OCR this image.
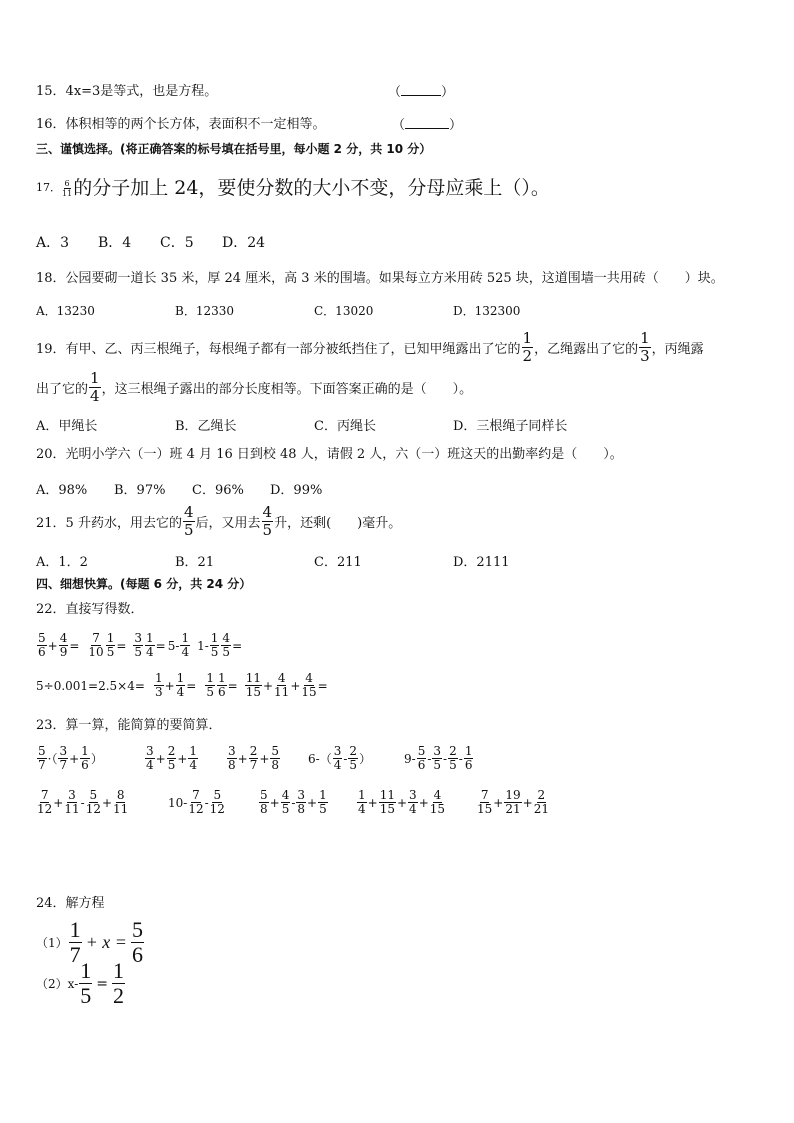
15．4x=3是等式，也是方程。	（	）
16．体积相等的两个长方体，表面积不一定相等。	（	）
三、谨慎选择。(将正确答案的标号填在括号里，每小题 2 分，共 10 分）
17． 6
11 的分子加上 24，要使分数的大小不变，分母应乘上（）。
A．3	B．4	C．5	D．24
18．公园要砌一道长 35 米，厚 24 厘米，高 3 米的围墙。如果每立方米用砖 525 块，这道围墙一共用砖（　　）块。
A．13230	B．12330	C．13020	D．132300
19．有甲、乙、丙三根绳子，每根绳子都有一部分被纸挡住了，已知甲绳露出了它的
1
2 ，乙绳露出了它的
1
3 ，丙绳露
出了它的
1
4 ，这三根绳子露出的部分长度相等。下面答案正确的是（　　）。
A．甲绳长	B．乙绳长	C．丙绳长	D．三根绳子同样长
20．光明小学六（一）班 4 月 16 日到校 48 人，请假 2 人，六（一）班这天的出勤率约是（　　）。
A．98%	B．97%	C．96%	D．99%
21．5 升药水，用去它的
4
5 后，又用去
4
5 升，还剩(　　)毫升。
A．1．2	B．21	C．211	D．2111
四、细想快算。(每题 6 分，共 24 分）
22．直接写得数．
5
$6 + \frac{4}{9}$ =
7
$10 \frac{1}{5}$ =
3
$5 \frac{1}{4} = 5-$
1
4 1-
1
$5 \frac{4}{5}$ =
5÷0.001=2.5×4=
1
$3 + \frac{1}{4}$ =
1
$5 \frac{1}{6}$ =
11
$15 + \frac{4}{11} + \frac{4}{15}$ =
23．算一算，能简算的要简算．
5
7 ·（
3
$7 + \frac{1}{6}$ ）
3
$4 + \frac{2}{5} + \frac{1}{4} 3$
$8 + \frac{2}{7} + \frac{5}{8} 6-$ （
3
4 -
2
5 ）	9-
5
6 -
3
5 -
2
5 -
1
6
7
$12 + \frac{3}{11}$ -
5
$12 + \frac{8}{11}$	10-
7
12 -
5
12
5
$8 + \frac{4}{5}$ -
3
$8 + \frac{1}{5}$	1
$4 + \frac{11}{15} + \frac{3}{4} + \frac{4}{15}$	7
$15 + \frac{19}{21} + \frac{2}{21}$
24．解方程
（1）
1
$7 + x = \frac{5}{6}$
$(2)x- \frac{1}{5} = \frac{1}{2}$
